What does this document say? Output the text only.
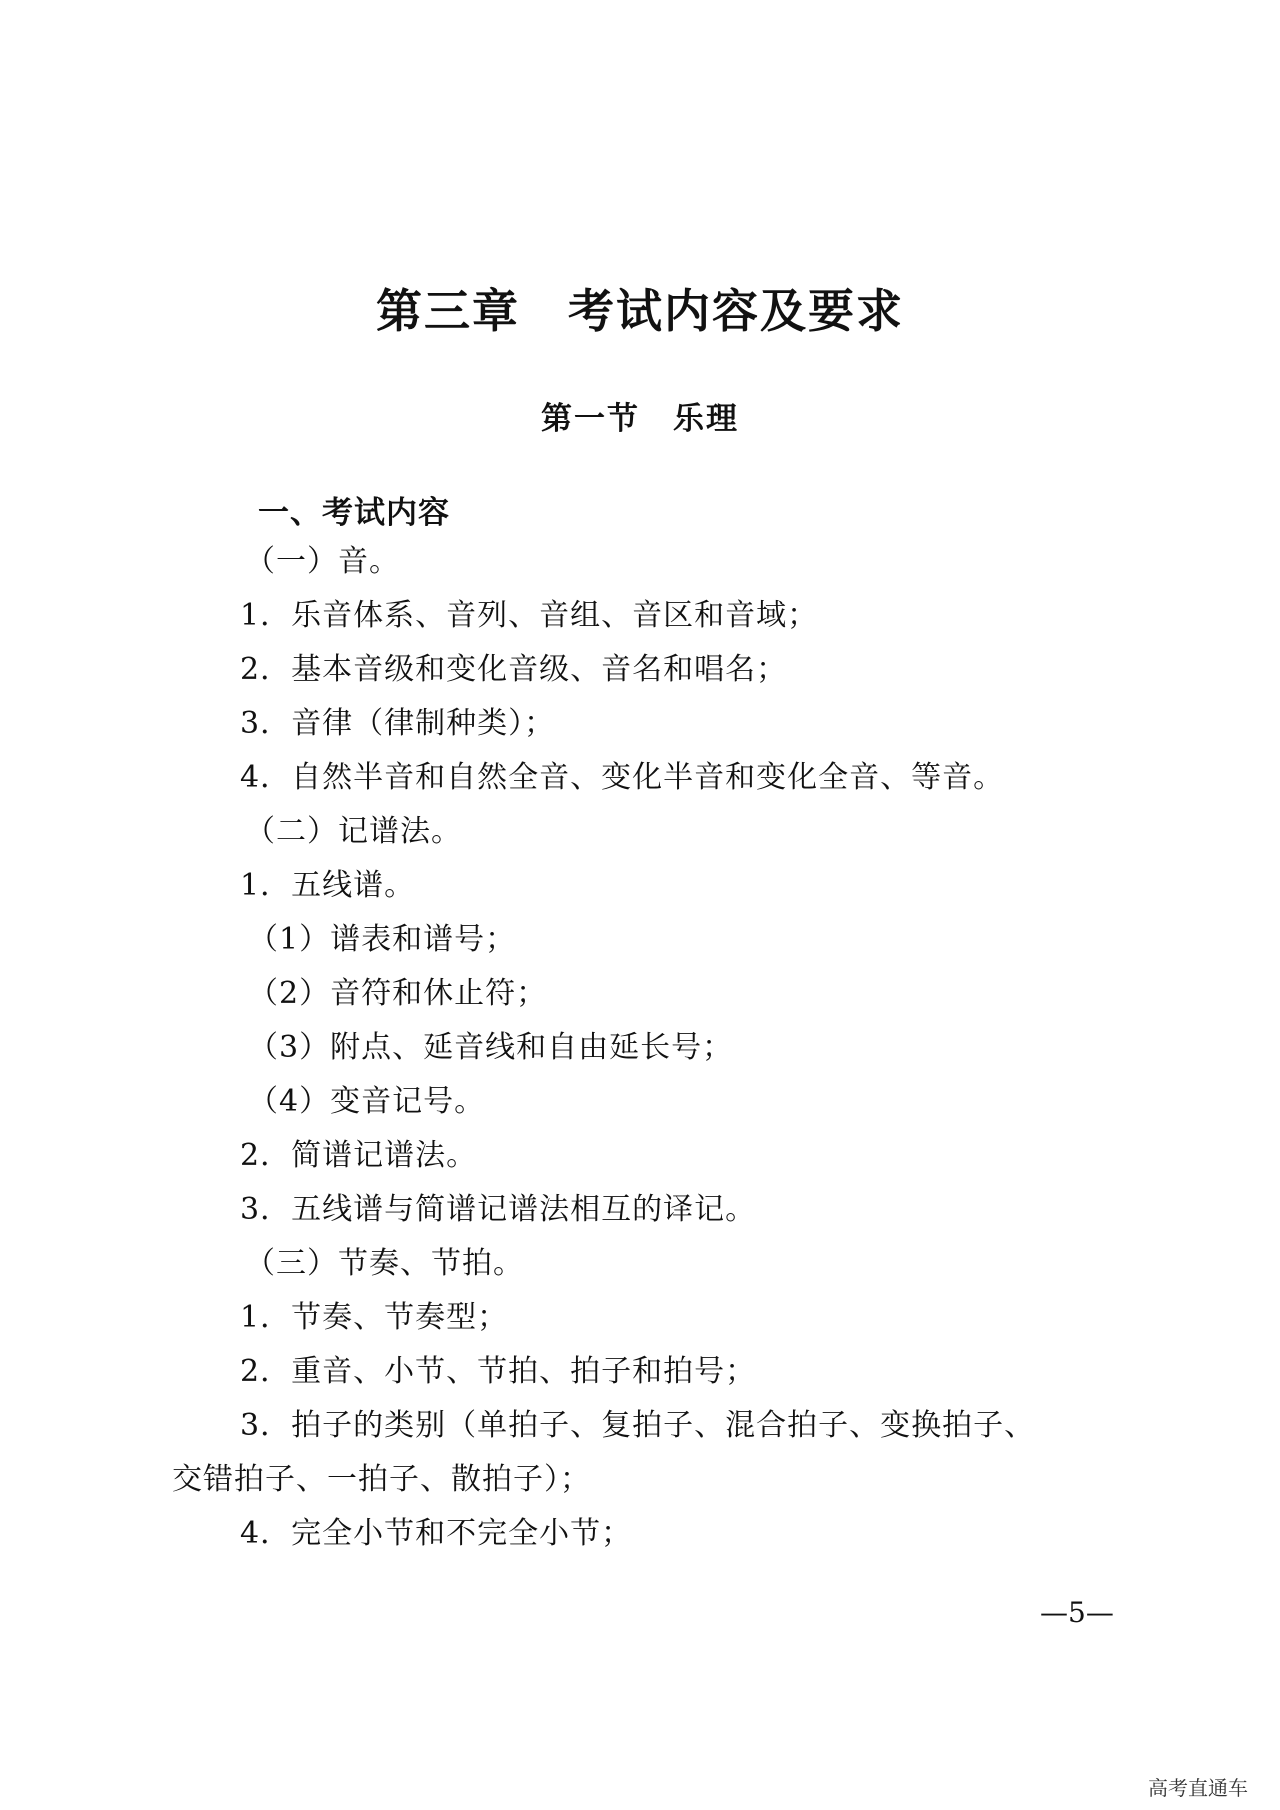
第三章　考试内容及要求
第一节　乐理
一、考试内容
（一）音。
1．乐音体系、音列、音组、音区和音域；
2．基本音级和变化音级、音名和唱名；
3．音律（律制种类）；
4．自然半音和自然全音、变化半音和变化全音、等音。
（二）记谱法。
1．五线谱。
（1）谱表和谱号；
（2）音符和休止符；
（3）附点、延音线和自由延长号；
（4）变音记号。
2．简谱记谱法。
3．五线谱与简谱记谱法相互的译记。
（三）节奏、节拍。
1．节奏、节奏型；
2．重音、小节、节拍、拍子和拍号；
3．拍子的类别（单拍子、复拍子、混合拍子、变换拍子、
交错拍子、一拍子、散拍子）；
4．完全小节和不完全小节；
—5—
高考直通车
